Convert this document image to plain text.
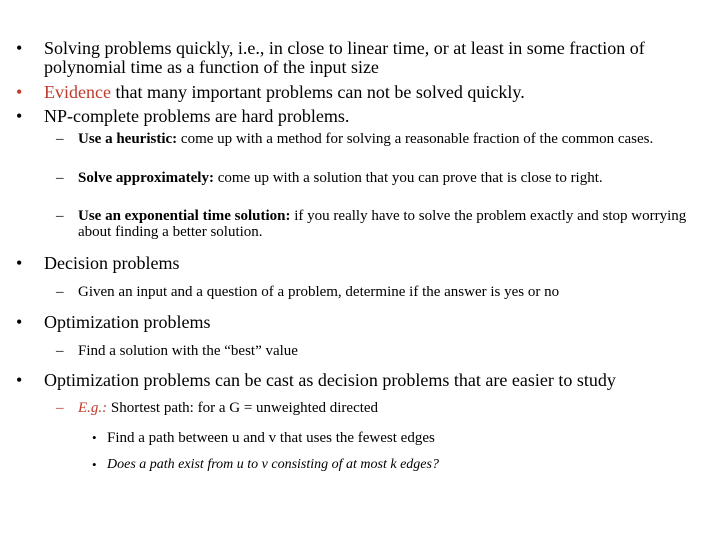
•	Solving problems quickly, i.e., in close to linear time, or at least in some fraction of polynomial time as a function of the input size
•	Evidence that many important problems can not be solved quickly.
•	NP-complete problems are hard problems.
– Use a heuristic: come up with a method for solving a reasonable fraction of the common cases.
– Solve approximately: come up with a solution that you can prove that is close to right.
– Use an exponential time solution: if you really have to solve the problem exactly and stop worrying about finding a better solution.
•	Decision problems
– Given an input and a question of a problem, determine if the answer is yes or no
•	Optimization problems
– Find a solution with the “best” value
•	Optimization problems can be cast as decision problems that are easier to study
– E.g.: Shortest path: for a G = unweighted directed
• Find a path between u and v that uses the fewest edges
• Does a path exist from u to v consisting of at most k edges?
